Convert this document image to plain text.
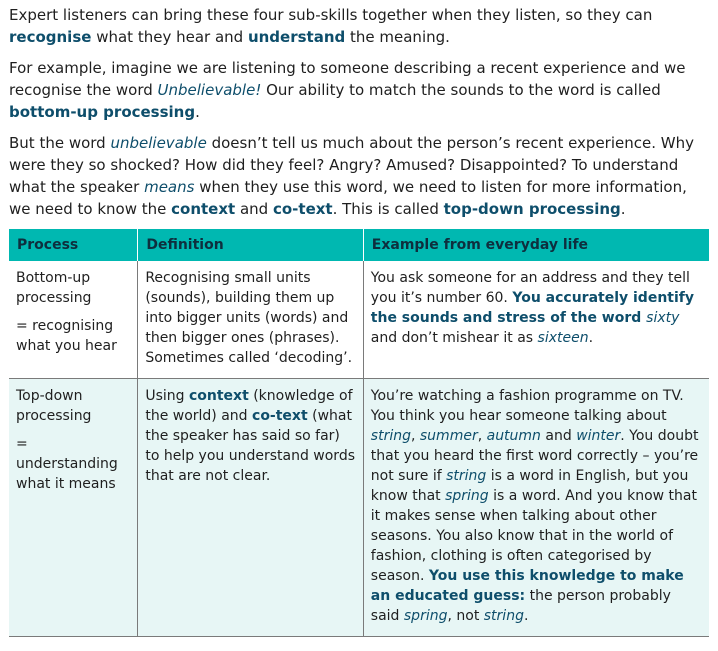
Expert listeners can bring these four sub-skills together when they listen, so they can recognise what they hear and understand the meaning.

For example, imagine we are listening to someone describing a recent experience and we recognise the word Unbelievable! Our ability to match the sounds to the word is called bottom-up processing.

But the word unbelievable doesn’t tell us much about the person’s recent experience. Why were they so shocked? How did they feel? Angry? Amused? Disappointed? To understand what the speaker means when they use this word, we need to listen for more information, we need to know the context and co-text. This is called top-down processing.

Process	Definition	Example from everyday life

Bottom-up processing
= recognising what you hear	Recognising small units (sounds), building them up into bigger units (words) and then bigger ones (phrases). Sometimes called ‘decoding’.	You ask someone for an address and they tell you it’s number 60. You accurately identify the sounds and stress of the word sixty and don’t mishear it as sixteen.

Top-down processing
= understanding what it means	Using context (knowledge of the world) and co-text (what the speaker has said so far) to help you understand words that are not clear.	You’re watching a fashion programme on TV. You think you hear someone talking about string, summer, autumn and winter. You doubt that you heard the first word correctly – you’re not sure if string is a word in English, but you know that spring is a word. And you know that it makes sense when talking about other seasons. You also know that in the world of fashion, clothing is often categorised by season. You use this knowledge to make an educated guess: the person probably said spring, not string.
